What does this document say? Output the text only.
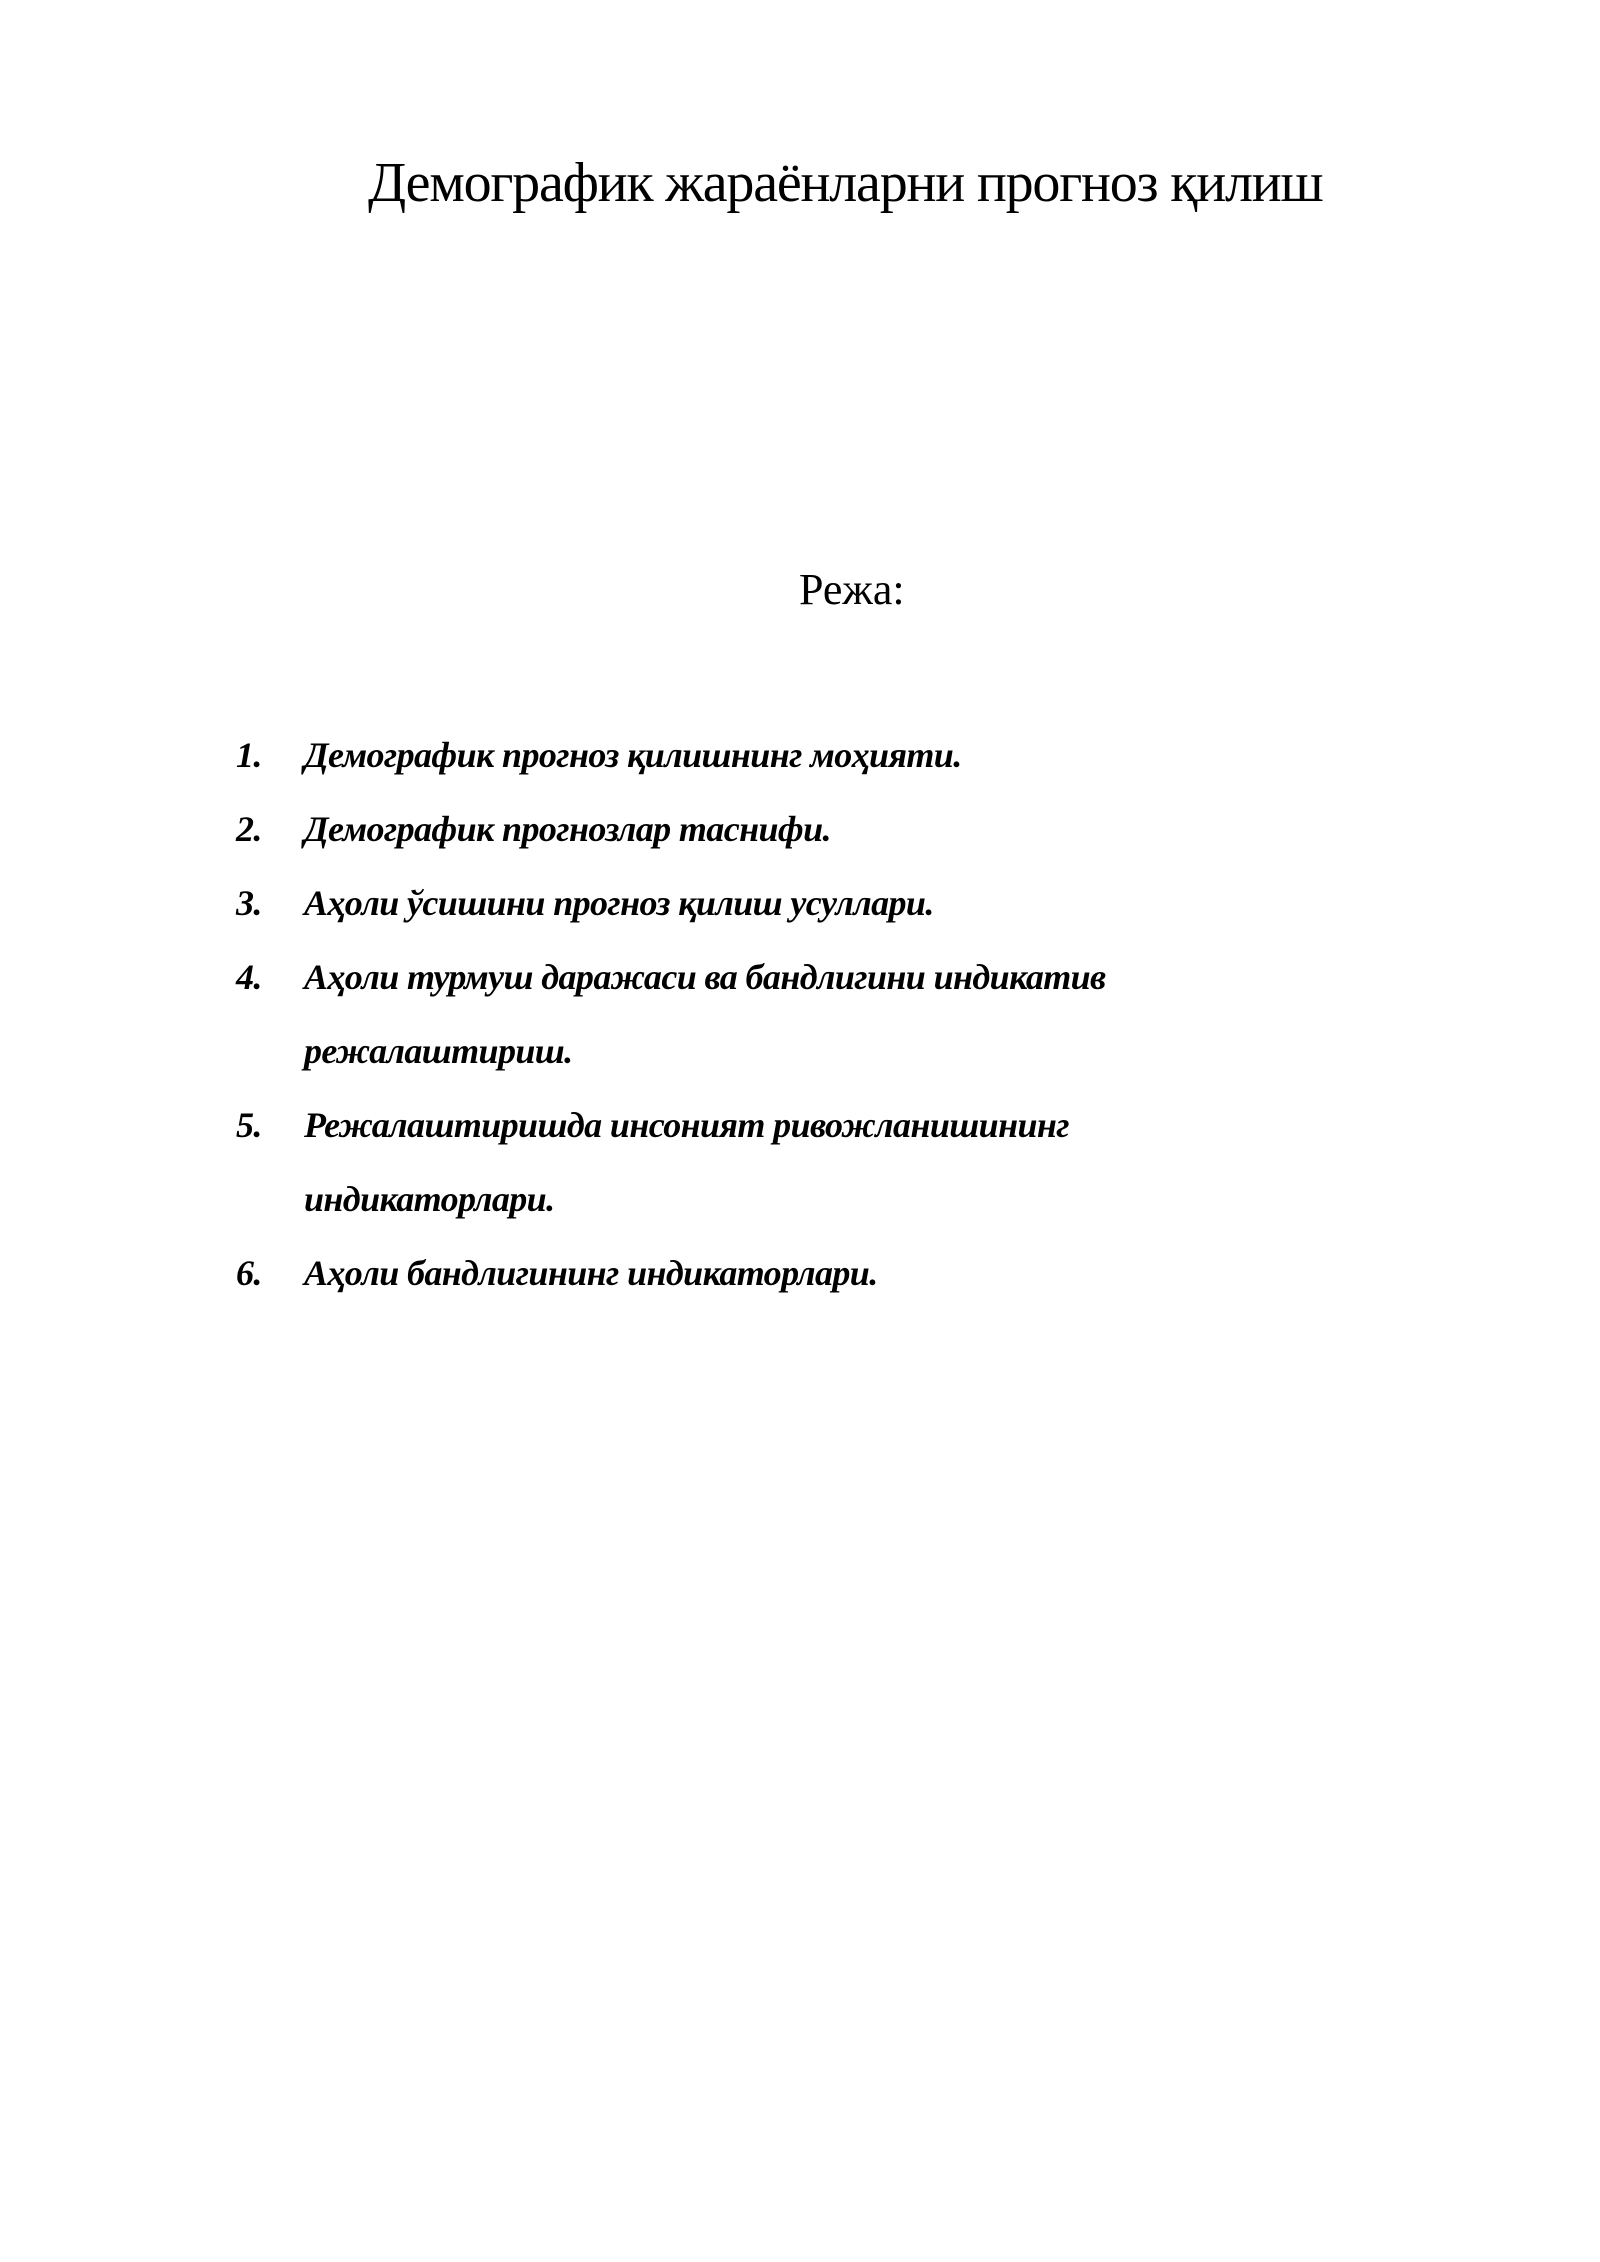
Демографик жараёнларни прогноз қилиш
Режа:
1.	Демографик прогноз қилишнинг моҳияти.
2.	Демографик прогнозлар таснифи.
3.	Аҳоли ўсишини прогноз қилиш усуллари.
4.	Аҳоли турмуш даражаси ва бандлигини индикатив режалаштириш.
5.	Режалаштиришда инсоният ривожланишининг индикаторлари.
6.	Аҳоли бандлигининг индикаторлари.
